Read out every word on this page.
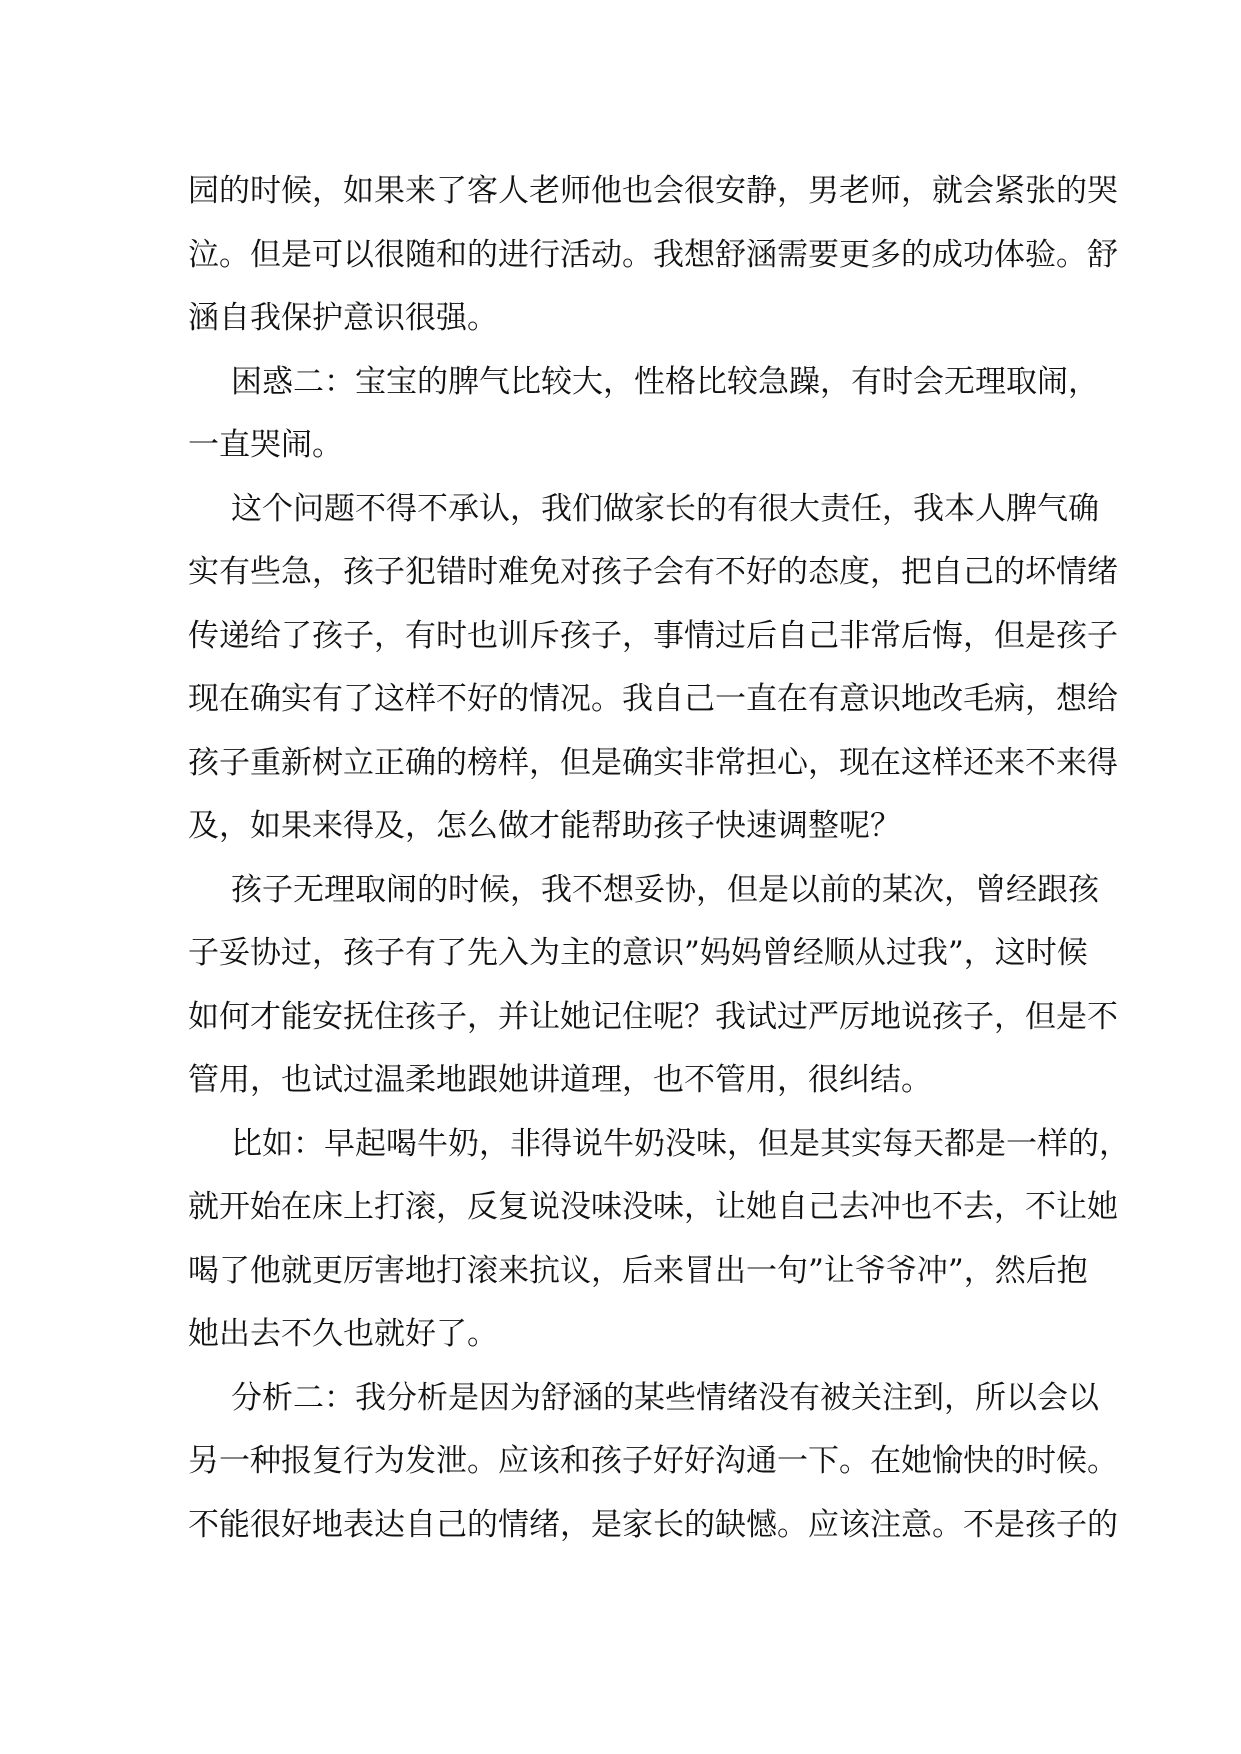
园的时候，如果来了客人老师他也会很安静，男老师，就会紧张的哭

泣。但是可以很随和的进行活动。我想舒涵需要更多的成功体验。舒

涵自我保护意识很强。

困惑二：宝宝的脾气比较大，性格比较急躁，有时会无理取闹，

一直哭闹。

这个问题不得不承认，我们做家长的有很大责任，我本人脾气确

实有些急，孩子犯错时难免对孩子会有不好的态度，把自己的坏情绪

传递给了孩子，有时也训斥孩子，事情过后自己非常后悔，但是孩子

现在确实有了这样不好的情况。我自己一直在有意识地改毛病，想给

孩子重新树立正确的榜样，但是确实非常担心，现在这样还来不来得

及，如果来得及，怎么做才能帮助孩子快速调整呢？

孩子无理取闹的时候，我不想妥协，但是以前的某次，曾经跟孩

子妥协过，孩子有了先入为主的意识”妈妈曾经顺从过我”，这时候

如何才能安抚住孩子，并让她记住呢？我试过严厉地说孩子，但是不

管用，也试过温柔地跟她讲道理，也不管用，很纠结。

比如：早起喝牛奶，非得说牛奶没味，但是其实每天都是一样的，

就开始在床上打滚，反复说没味没味，让她自己去冲也不去，不让她

喝了他就更厉害地打滚来抗议，后来冒出一句”让爷爷冲”，然后抱

她出去不久也就好了。

分析二：我分析是因为舒涵的某些情绪没有被关注到，所以会以

另一种报复行为发泄。应该和孩子好好沟通一下。在她愉快的时候。

不能很好地表达自己的情绪，是家长的缺憾。应该注意。不是孩子的
